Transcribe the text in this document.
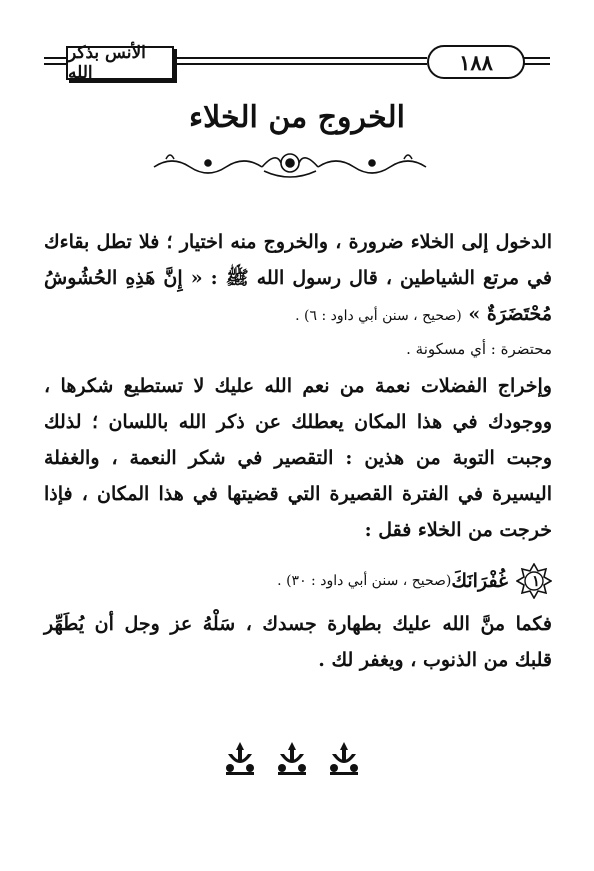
الأنس بذكر الله	١٨٨
الخروج من الخلاء

الدخول إلى الخلاء ضرورة ، والخروج منه اختيار ؛ فلا تطل بقاءك في مرتع الشياطين ، قال رسول الله ﷺ : « إِنَّ هَذِهِ الحُشُوشُ مُحْتَضَرَةٌ » (صحيح ، سنن أبي داود : ٦) .

محتضرة : أي مسكونة .

وإخراج الفضلات نعمة من نعم الله عليك لا تستطيع شكرها ، ووجودك في هذا المكان يعطلك عن ذكر الله باللسان ؛ لذلك وجبت التوبة من هذين : التقصير في شكر النعمة ، والغفلة اليسيرة في الفترة القصيرة التي قضيتها في هذا المكان ، فإذا خرجت من الخلاء فقل :

١
غُفْرَانَكَ
(صحيح ، سنن أبي داود : ٣٠) .

فكما منَّ الله عليك بطهارة جسدك ، سَلْهُ عز وجل أن يُطَهِّر قلبك من الذنوب ، ويغفر لك .
